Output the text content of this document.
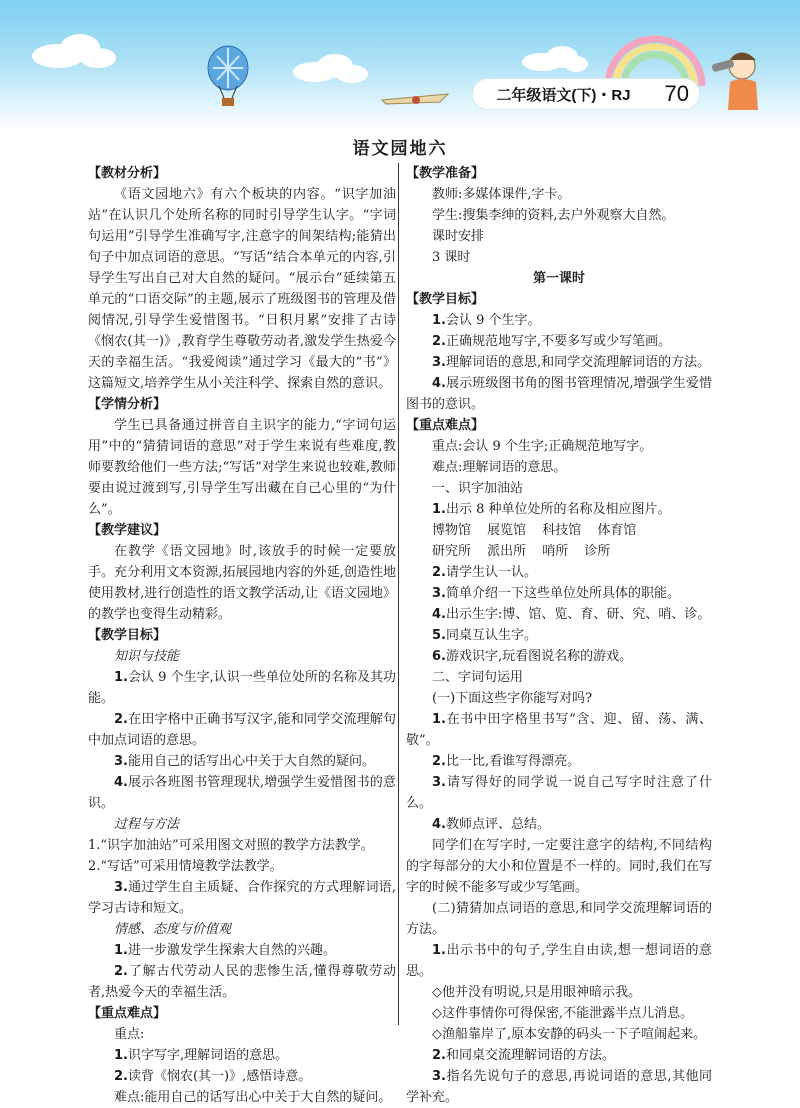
二年级语文(下)・RJ 70
语文园地六
【教材分析】
《语文园地六》有六个板块的内容。“识字加油站”在认识几个处所名称的同时引导学生认字。“字词句运用”引导学生准确写字,注意字的间架结构;能猜出句子中加点词语的意思。“写话”结合本单元的内容,引导学生写出自己对大自然的疑问。“展示台”延续第五单元的“口语交际”的主题,展示了班级图书的管理及借阅情况,引导学生爱惜图书。“日积月累”安排了古诗《悯农(其一)》,教育学生尊敬劳动者,激发学生热爱今天的幸福生活。“我爱阅读”通过学习《最大的“书”》这篇短文,培养学生从小关注科学、探索自然的意识。
【学情分析】
学生已具备通过拼音自主识字的能力,“字词句运用”中的“猜猜词语的意思”对于学生来说有些难度,教师要教给他们一些方法;“写话”对学生来说也较难,教师要由说过渡到写,引导学生写出藏在自己心里的“为什么”。
【教学建议】
在教学《语文园地》时,该放手的时候一定要放手。充分利用文本资源,拓展园地内容的外延,创造性地使用教材,进行创造性的语文教学活动,让《语文园地》的教学也变得生动精彩。
【教学目标】
知识与技能
1.会认 9 个生字,认识一些单位处所的名称及其功能。
2.在田字格中正确书写汉字,能和同学交流理解句中加点词语的意思。
3.能用自己的话写出心中关于大自然的疑问。
4.展示各班图书管理现状,增强学生爱惜图书的意识。
过程与方法
1.“识字加油站”可采用图文对照的教学方法教学。
2.“写话”可采用情境教学法教学。
3.通过学生自主质疑、合作探究的方式理解词语,学习古诗和短文。
情感、态度与价值观
1.进一步激发学生探索大自然的兴趣。
2.了解古代劳动人民的悲惨生活,懂得尊敬劳动者,热爱今天的幸福生活。
【重点难点】
重点:
1.识字写字,理解词语的意思。
2.读背《悯农(其一)》,感悟诗意。
难点:能用自己的话写出心中关于大自然的疑问。
【教学准备】
教师:多媒体课件,字卡。
学生:搜集李绅的资料,去户外观察大自然。
课时安排
3 课时
第一课时
【教学目标】
1.会认 9 个生字。
2.正确规范地写字,不要多写或少写笔画。
3.理解词语的意思,和同学交流理解词语的方法。
4.展示班级图书角的图书管理情况,增强学生爱惜图书的意识。
【重点难点】
重点:会认 9 个生字;正确规范地写字。
难点:理解词语的意思。
一、识字加油站
1.出示 8 种单位处所的名称及相应图片。
博物馆 展览馆 科技馆 体育馆
研究所 派出所 哨所 诊所
2.请学生认一认。
3.简单介绍一下这些单位处所具体的职能。
4.出示生字:博、馆、览、育、研、究、哨、诊。
5.同桌互认生字。
6.游戏识字,玩看图说名称的游戏。
二、字词句运用
(一)下面这些字你能写对吗?
1.在书中田字格里书写“含、迎、留、荡、满、敬”。
2.比一比,看谁写得漂亮。
3.请写得好的同学说一说自己写字时注意了什么。
4.教师点评、总结。
同学们在写字时,一定要注意字的结构,不同结构的字每部分的大小和位置是不一样的。同时,我们在写字的时候不能多写或少写笔画。
(二)猜猜加点词语的意思,和同学交流理解词语的方法。
1.出示书中的句子,学生自由读,想一想词语的意思。
◇他并没有明说,只是用眼神暗示我。
◇这件事情你可得保密,不能泄露半点儿消息。
◇渔船靠岸了,原本安静的码头一下子喧闹起来。
2.和同桌交流理解词语的方法。
3.指名先说句子的意思,再说词语的意思,其他同学补充。
